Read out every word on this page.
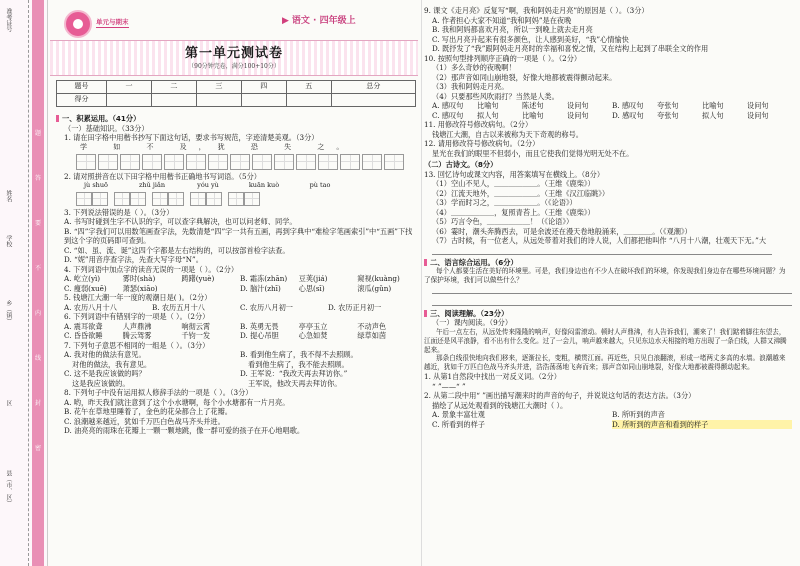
准考证号
姓名
学校
乡（镇）
区
县（市、区）
题
答
要
不
内
线
封
密
单元与期末	▶ 语文 · 四年级上
第一单元测试卷
（90分钟完卷，满分100+10分）
题号	一	二	三	四	五	总分
得分						
一、积累运用。（41分）
（一）基础知识。（33分）
1. 请在田字格中用楷书抄写下面这句话，要求书写规范，字迹清楚美观。（3分）
学 如 不 及，犹 恐 失 之。
2. 请对照拼音在以下田字格中用楷书正确地书写词语。（5分）
jù shuō	zhǔ jiǎn	yóu yù	kuān kuò	pù tao
3. 下列说法错误的是（ ）。（3分）
A. 书写时碰到生字不认识的字，可以查字典解决，也可以问老师、同学。
B. “四”字我们可以用数笔画查字法，先数清楚“四”字一共有五画，再到字典中“难检字笔画索引”中“五画”下找到这个字的页码即可查到。
C. “如、虽、流、诞”这四个字都是左右结构的，可以按部首检字法查。
D. “妮”用音序查字法，先查大写字母“N”。
4. 下列词语中加点字的读音无误的一项是（ ）。（2分）
A. 屹立(yì)	雾时(shà)	踌躇(yuè)	B. 霜冻(zhān)	豆荚(jiá)	窥视(kuàng)
C. 瘦弱(xuē)	萧瑟(xiāo)	D. 脑汁(zhī)	心思(sī)	滚瓜(gǔn)
5. 钱塘江大潮一年一度的观潮日是( )。（2分）
A. 农历八月十八	B. 农历五月十八	C. 农历八月初一	D. 农历正月初一
6. 下列词语中有错别字的一项是（ ）。（2分）
A. 震耳欲聋	人声鼎沸	响彻云霄	B. 英勇无畏	亭亭玉立	不动声色
C. 昏昏欲睡	腾云驾雾	千钧一发	D. 提心吊胆	心急如焚	绿草如茵
7. 下列句子意思不相同的一组是（ ）。（3分）
A. 我对他的做法有意见。	B. 看到他生病了，我不得不去照顾。
对他的做法，我有意见。	看到他生病了，我不能去照顾。
C. 这不是我应该做的吗？	D. 王军说：“我改天再去拜访你。”
这是我应该做的。	王军说，他改天再去拜访你。
8. 下列句子中没有运用拟人修辞手法的一项是（ ）。（3分）
A. 哟，昨天我们就注意到了这个小水塘啊，每个小水塘都有一片月亮。
B. 花午在草地里睡着了，金色的花朵都合上了花瓣。
C. 浪潮越来越近，犹如千万匹白色战马齐头并进。
D. 油亮亮的雨珠在花瓣上一颗一颗地跳，像一群可爱的孩子在开心地唱歌。
9. 课文《走月亮》反复写“啊，我和阿妈走月亮”的原因是（ ）。（3分）
A. 作者担心大家不知道“我和阿妈”是在夜晚
B. 我和阿妈都喜欢月亮，所以一到晚上就去走月亮
C. 写出月亮升起来有很多颜色，让人感到美好，“我”心情愉快
D. 既抒发了“我”跟阿妈走月亮时的幸福和喜悦之情，又在结构上起到了串联全文的作用
10. 按照句型排列顺序正确的一项是（ ）。（2分）
（1）多么奇妙的夜晚啊！
（2）那声音如同山崩地裂，好像大地都被震得颤动起来。
（3）我和阿妈走月亮。
（4）只要那些风吹雨打？当然是人类。
A. 感叹句	比喻句	陈述句	设问句	B. 感叹句	夸张句	比喻句	设问句
C. 感叹句	拟人句	比喻句	设问句	D. 感叹句	夸张句	拟人句	设问句
11. 用修改符号修改病句。（2分）
钱塘江大潮，自古以来被称为天下奇观的称号。
12. 请用修改符号修改病句。（2分）
星光在我们的眼里不但弱小，而且它使我们觉得光明无处不在。
（二）古诗文。（8分）
13. 回忆诗句或课文内容，用答案填写在横线上。（8分）
（1）空山不见人，＿＿＿＿＿＿。（王维《鹿柴》）
（2）江流天地外，＿＿＿＿＿＿。（王维《汉江临眺》）
（3）学而时习之，＿＿＿＿＿＿。（《论语》）
（4）＿＿＿＿＿＿，复照青苔上。（王维《鹿柴》）
（5）巧言令色，＿＿＿＿＿＿！（《论语》）
（6）霎时，潮头奔腾西去，可是余波还在漫天卷地般涌来，＿＿＿＿。（《观潮》）
（7）古时候，有一位老人，从远处带着对我们的诗人说，人们都把他叫作 “八月十八潮，壮观天下无。”大
二、语言综合运用。（6分）
每个人都要生活在美好的环境里。可是，我们身边也有不少人在破坏我们的环境，你发现我们身边存在哪些环境问题？为了保护环境，我们可以做些什么？
三、阅读理解。（23分）
（一）课内阅读。（9分）
午后一点左右，从远处传来隆隆的响声，好像闷雷滚动。顿时人声鼎沸，有人告诉我们，潮来了！我们踮着脚往东望去，江面还是风平浪静，看不出有什么变化。过了一会儿，响声越来越大，只见东边水天相接的地方出现了一条白线，人群又沸腾起来。
那条白线很快地向我们移来，逐渐拉长，变粗，横贯江面。再近些，只见白浪翻滚，形成一堵两丈多高的水墙。浪潮越来越近，犹如千万匹白色战马齐头并进，浩浩荡荡地飞奔而来；那声音如同山崩地裂，好像大地都被震得颤动起来。
1. 从第1自然段中找出一对反义词。（2分）
“ ”——“ ”
2. 从第二段中用“ ”画出描写潮来时的声音的句子，并说说这句话的表达方法。（3分）
描绘了从远处观看到的钱塘江大潮时（ ）。
A. 景象丰富壮观	B. 所听到的声音
C. 所看到的样子	D. 所听到的声音和看到的样子
